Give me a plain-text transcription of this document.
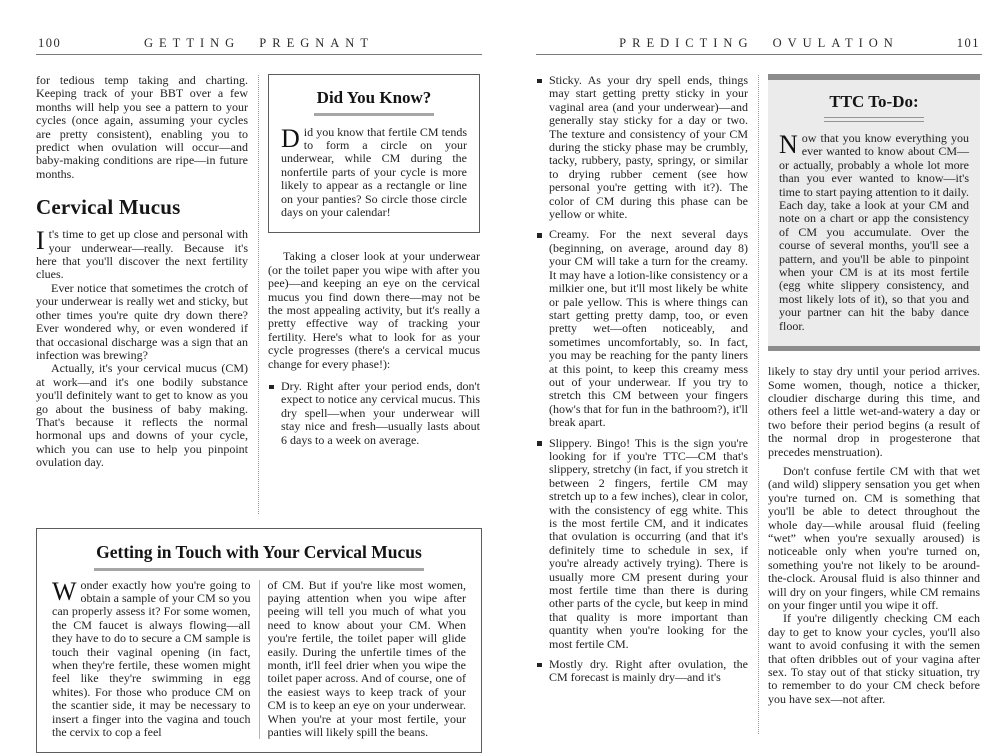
100	GETTING PREGNANT

for tedious temp taking and charting. Keeping track of your BBT over a few months will help you see a pattern to your cycles (once again, assuming your cycles are pretty consistent), enabling you to predict when ovulation will occur—and baby-making conditions are ripe—in future months.

Cervical Mucus

It's time to get up close and personal with your underwear—really. Because it's here that you'll discover the next fertility clues.

Ever notice that sometimes the crotch of your underwear is really wet and sticky, but other times you're quite dry down there? Ever wondered why, or even wondered if that occasional discharge was a sign that an infection was brewing?

Actually, it's your cervical mucus (CM) at work—and it's one bodily substance you'll definitely want to get to know as you go about the business of baby making. That's because it reflects the normal hormonal ups and downs of your cycle, which you can use to help you pinpoint ovulation day.

Did You Know?

Did you know that fertile CM tends to form a circle on your underwear, while CM during the nonfertile parts of your cycle is more likely to appear as a rectangle or line on your panties? So circle those circle days on your calendar!

Taking a closer look at your underwear (or the toilet paper you wipe with after you pee)—and keeping an eye on the cervical mucus you find down there—may not be the most appealing activity, but it's really a pretty effective way of tracking your fertility. Here's what to look for as your cycle progresses (there's a cervical mucus change for every phase!):

Dry. Right after your period ends, don't expect to notice any cervical mucus. This dry spell—when your underwear will stay nice and fresh—usually lasts about 6 days to a week on average.
Getting in Touch with Your Cervical Mucus

Wonder exactly how you're going to obtain a sample of your CM so you can properly assess it? For some women, the CM faucet is always flowing—all they have to do to secure a CM sample is touch their vaginal opening (in fact, when they're fertile, these women might feel like they're swimming in egg whites). For those who produce CM on the scantier side, it may be necessary to insert a finger into the vagina and touch the cervix to cop a feel

of CM. But if you're like most women, paying attention when you wipe after peeing will tell you much of what you need to know about your CM. When you're fertile, the toilet paper will glide easily. During the unfertile times of the month, it'll feel drier when you wipe the toilet paper across. And of course, one of the easiest ways to keep track of your CM is to keep an eye on your underwear. When you're at your most fertile, your panties will likely spill the beans.

PREDICTING OVULATION	101
Sticky. As your dry spell ends, things may start getting pretty sticky in your vaginal area (and your underwear)—and generally stay sticky for a day or two. The texture and consistency of your CM during the sticky phase may be crumbly, tacky, rubbery, pasty, springy, or similar to drying rubber cement (see how personal you're getting with it?). The color of CM during this phase can be yellow or white.
Creamy. For the next several days (beginning, on average, around day 8) your CM will take a turn for the creamy. It may have a lotion-like consistency or a milkier one, but it'll most likely be white or pale yellow. This is where things can start getting pretty damp, too, or even pretty wet—often noticeably, and sometimes uncomfortably, so. In fact, you may be reaching for the panty liners at this point, to keep this creamy mess out of your underwear. If you try to stretch this CM between your fingers (how's that for fun in the bathroom?), it'll break apart.
Slippery. Bingo! This is the sign you're looking for if you're TTC—CM that's slippery, stretchy (in fact, if you stretch it between 2 fingers, fertile CM may stretch up to a few inches), clear in color, with the consistency of egg white. This is the most fertile CM, and it indicates that ovulation is occurring (and that it's definitely time to schedule in sex, if you're already actively trying). There is usually more CM present during your most fertile time than there is during other parts of the cycle, but keep in mind that quality is more important than quantity when you're looking for the most fertile CM.
Mostly dry. Right after ovulation, the CM forecast is mainly dry—and it's
TTC To-Do:

Now that you know everything you ever wanted to know about CM—or actually, probably a whole lot more than you ever wanted to know—it's time to start paying attention to it daily. Each day, take a look at your CM and note on a chart or app the consistency of CM you accumulate. Over the course of several months, you'll see a pattern, and you'll be able to pinpoint when your CM is at its most fertile (egg white slippery consistency, and most likely lots of it), so that you and your partner can hit the baby dance floor.

likely to stay dry until your period arrives. Some women, though, notice a thicker, cloudier discharge during this time, and others feel a little wet-and-watery a day or two before their period begins (a result of the normal drop in progesterone that precedes menstruation).

Don't confuse fertile CM with that wet (and wild) slippery sensation you get when you're turned on. CM is something that you'll be able to detect throughout the whole day—while arousal fluid (feeling “wet” when you're sexually aroused) is noticeable only when you're turned on, something you're not likely to be around-the-clock. Arousal fluid is also thinner and will dry on your fingers, while CM remains on your finger until you wipe it off.

If you're diligently checking CM each day to get to know your cycles, you'll also want to avoid confusing it with the semen that often dribbles out of your vagina after sex. To stay out of that sticky situation, try to remember to do your CM check before you have sex—not after.
